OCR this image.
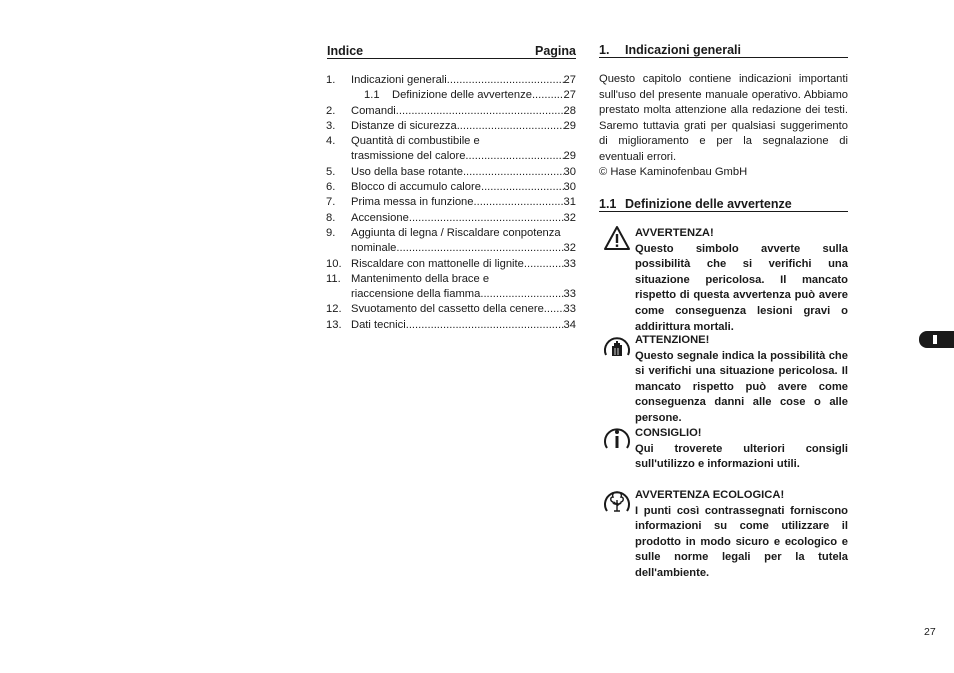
Indice	Pagina
1.	Indicazioni generali .....	27
1.1	Definizione delle avvertenze .....	27
2.	Comandi .....	28
3.	Distanze di sicurezza .....	29
4.	Quantità di combustibile e
trasmissione del calore .....	29
5.	Uso della base rotante .....	30
6.	Blocco di accumulo calore .....	30
7.	Prima messa in funzione .....	31
8.	Accensione .....	32
9.	Aggiunta di legna / Riscaldare conpotenza
nominale .....	32
10. Riscaldare con mattonelle di lignite .....	33
11. Mantenimento della brace e
riaccensione della fiamma .....	33
12. Svuotamento del cassetto della cenere ..... 33
13. Dati tecnici .....	34
1.	Indicazioni generali
Questo capitolo contiene indicazioni importanti sull'uso del presente manuale operativo. Abbiamo prestato molta attenzione alla redazione dei testi. Saremo tuttavia grati per qualsiasi suggerimento di miglioramento e per la segnalazione di eventuali errori.
© Hase Kaminofenbau GmbH
1.1 Definizione delle avvertenze
AVVERTENZA!
Questo simbolo avverte sulla possibilità che si verifichi una situazione pericolosa. Il mancato rispetto di questa avvertenza può avere come conseguenza lesioni gravi o addirittura mortali.
ATTENZIONE!
Questo segnale indica la possibilità che si verifichi una situazione pericolosa. Il mancato rispetto può avere come conseguenza danni alle cose o alle persone.
CONSIGLIO!
Qui troverete ulteriori consigli sull'utilizzo e informazioni utili.
AVVERTENZA ECOLOGICA!
I punti così contrassegnati forniscono informazioni su come utilizzare il prodotto in modo sicuro e ecologico e sulle norme legali per la tutela dell'ambiente.
27
